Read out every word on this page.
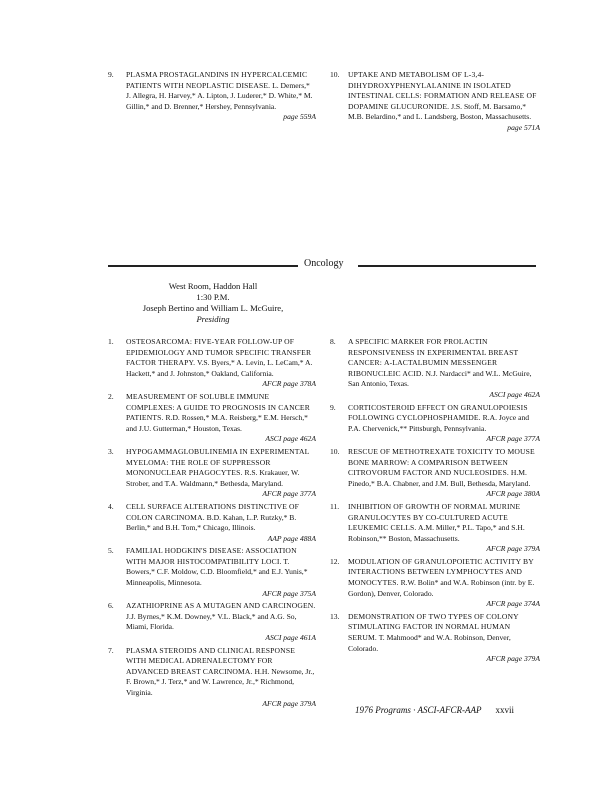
9. PLASMA PROSTAGLANDINS IN HYPERCALCEMIC PATIENTS WITH NEOPLASTIC DISEASE. L. Demers,* J. Allegra, H. Harvey,* A. Lipton, J. Luderer,* D. White,* M. Gillin,* and D. Brenner,* Hershey, Pennsylvania.
page 559A
10. UPTAKE AND METABOLISM OF L-3,4-DIHYDROXYPHENYLALANINE IN ISOLATED INTESTINAL CELLS: FORMATION AND RELEASE OF DOPAMINE GLUCURONIDE. J.S. Stoff, M. Barsamo,* M.B. Belardino,* and L. Landsberg, Boston, Massachusetts.
page 571A
Oncology
West Room, Haddon Hall
1:30 P.M.
Joseph Bertino and William L. McGuire,
Presiding
1. OSTEOSARCOMA: FIVE-YEAR FOLLOW-UP OF EPIDEMIOLOGY AND TUMOR SPECIFIC TRANSFER FACTOR THERAPY. V.S. Byers,* A. Levin, L. LeCam,* A. Hackett,* and J. Johnston,* Oakland, California.
AFCR page 378A
2. MEASUREMENT OF SOLUBLE IMMUNE COMPLEXES: A GUIDE TO PROGNOSIS IN CANCER PATIENTS. R.D. Rossen,* M.A. Reisberg,* E.M. Hersch,* and J.U. Gutterman,* Houston, Texas.
ASCI page 462A
3. HYPOGAMMAGLOBULINEMIA IN EXPERIMENTAL MYELOMA: THE ROLE OF SUPPRESSOR MONONUCLEAR PHAGOCYTES. R.S. Krakauer, W. Strober, and T.A. Waldmann,* Bethesda, Maryland.
AFCR page 377A
4. CELL SURFACE ALTERATIONS DISTINCTIVE OF COLON CARCINOMA. B.D. Kahan, L.P. Rutzky,* B. Berlin,* and B.H. Tom,* Chicago, Illinois.
AAP page 488A
5. FAMILIAL HODGKIN'S DISEASE: ASSOCIATION WITH MAJOR HISTOCOMPATIBILITY LOCI. T. Bowers,* C.F. Moldow, C.D. Bloomfield,* and E.J. Yunis,* Minneapolis, Minnesota.
AFCR page 375A
6. AZATHIOPRINE AS A MUTAGEN AND CARCINOGEN. J.J. Byrnes,* K.M. Downey,* V.L. Black,* and A.G. So, Miami, Florida.
ASCI page 461A
7. PLASMA STEROIDS AND CLINICAL RESPONSE WITH MEDICAL ADRENALECTOMY FOR ADVANCED BREAST CARCINOMA. H.H. Newsome, Jr., F. Brown,* J. Terz,* and W. Lawrence, Jr.,* Richmond, Virginia.
AFCR page 379A
8. A SPECIFIC MARKER FOR PROLACTIN RESPONSIVENESS IN EXPERIMENTAL BREAST CANCER: Α-LACTALBUMIN MESSENGER RIBONUCLEIC ACID. N.J. Nardacci* and W.L. McGuire, San Antonio, Texas.
ASCI page 462A
9. CORTICOSTEROID EFFECT ON GRANULOPOIESIS FOLLOWING CYCLOPHOSPHAMIDE. R.A. Joyce and P.A. Chervenick,** Pittsburgh, Pennsylvania.
AFCR page 377A
10. RESCUE OF METHOTREXATE TOXICITY TO MOUSE BONE MARROW: A COMPARISON BETWEEN CITROVORUM FACTOR AND NUCLEOSIDES. H.M. Pinedo,* B.A. Chabner, and J.M. Bull, Bethesda, Maryland.
AFCR page 380A
11. INHIBITION OF GROWTH OF NORMAL MURINE GRANULOCYTES BY CO-CULTURED ACUTE LEUKEMIC CELLS. A.M. Miller,* P.L. Tapo,* and S.H. Robinson,** Boston, Massachusetts.
AFCR page 379A
12. MODULATION OF GRANULOPOIETIC ACTIVITY BY INTERACTIONS BETWEEN LYMPHOCYTES AND MONOCYTES. R.W. Bolin* and W.A. Robinson (intr. by E. Gordon), Denver, Colorado.
AFCR page 374A
13. DEMONSTRATION OF TWO TYPES OF COLONY STIMULATING FACTOR IN NORMAL HUMAN SERUM. T. Mahmood* and W.A. Robinson, Denver, Colorado.
AFCR page 379A
1976 Programs · ASCI-AFCR-AAP xxvii
